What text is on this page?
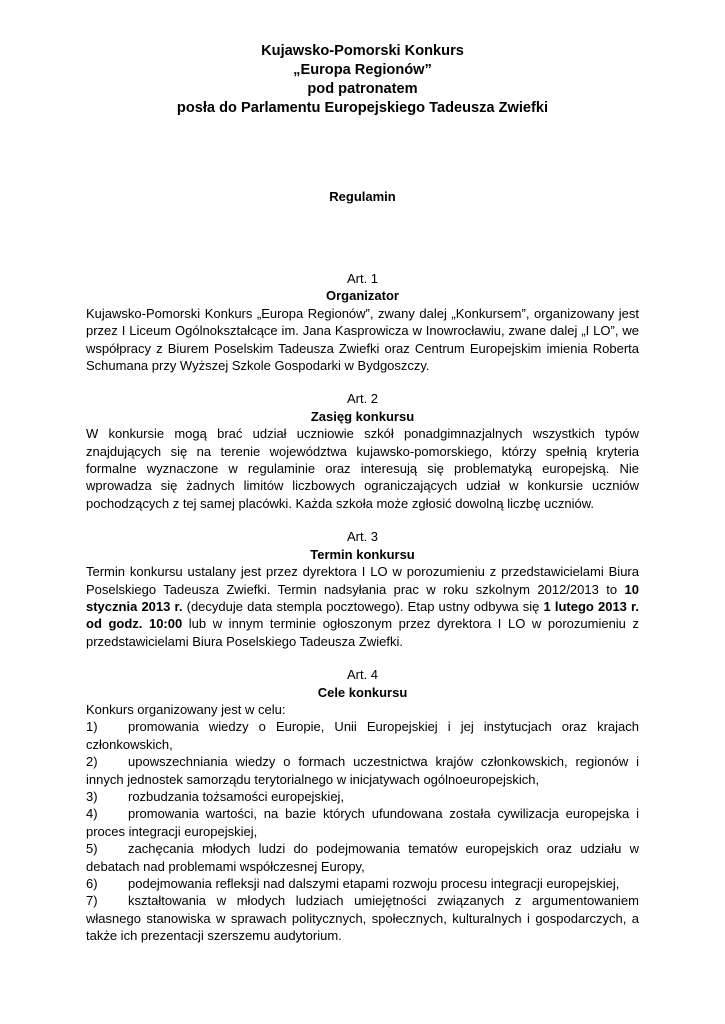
Kujawsko-Pomorski Konkurs
„Europa Regionów”
pod patronatem
posła do Parlamentu Europejskiego Tadeusza Zwiefki
Regulamin
Art. 1
Organizator
Kujawsko-Pomorski Konkurs „Europa Regionów”, zwany dalej „Konkursem”, organizowany jest przez I Liceum Ogólnokształcące im. Jana Kasprowicza w Inowrocławiu, zwane dalej „I LO”, we współpracy z Biurem Poselskim Tadeusza Zwiefki oraz Centrum Europejskim imienia Roberta Schumana przy Wyższej Szkole Gospodarki w Bydgoszczy.
Art. 2
Zasięg konkursu
W konkursie mogą brać udział uczniowie szkół ponadgimnazjalnych wszystkich typów znajdujących się na terenie województwa kujawsko-pomorskiego, którzy spełnią kryteria formalne wyznaczone w regulaminie oraz interesują się problematyką europejską. Nie wprowadza się żadnych limitów liczbowych ograniczających udział w konkursie uczniów pochodzących z tej samej placówki. Każda szkoła może zgłosić dowolną liczbę uczniów.
Art. 3
Termin konkursu
Termin konkursu ustalany jest przez dyrektora I LO w porozumieniu z przedstawicielami Biura Poselskiego Tadeusza Zwiefki. Termin nadsyłania prac w roku szkolnym 2012/2013 to 10 stycznia 2013 r. (decyduje data stempla pocztowego). Etap ustny odbywa się 1 lutego 2013 r. od godz. 10:00 lub w innym terminie ogłoszonym przez dyrektora I LO w porozumieniu z przedstawicielami Biura Poselskiego Tadeusza Zwiefki.
Art. 4
Cele konkursu
Konkurs organizowany jest w celu:
1) promowania wiedzy o Europie, Unii Europejskiej i jej instytucjach oraz krajach członkowskich,
2) upowszechniania wiedzy o formach uczestnictwa krajów członkowskich, regionów i innych jednostek samorządu terytorialnego w inicjatywach ogólnoeuropejskich,
3) rozbudzania tożsamości europejskiej,
4) promowania wartości, na bazie których ufundowana została cywilizacja europejska i proces integracji europejskiej,
5) zachęcania młodych ludzi do podejmowania tematów europejskich oraz udziału w debatach nad problemami współczesnej Europy,
6) podejmowania refleksji nad dalszymi etapami rozwoju procesu integracji europejskiej,
7) kształtowania w młodych ludziach umiejętności związanych z argumentowaniem własnego stanowiska w sprawach politycznych, społecznych, kulturalnych i gospodarczych, a także ich prezentacji szerszemu audytorium.
